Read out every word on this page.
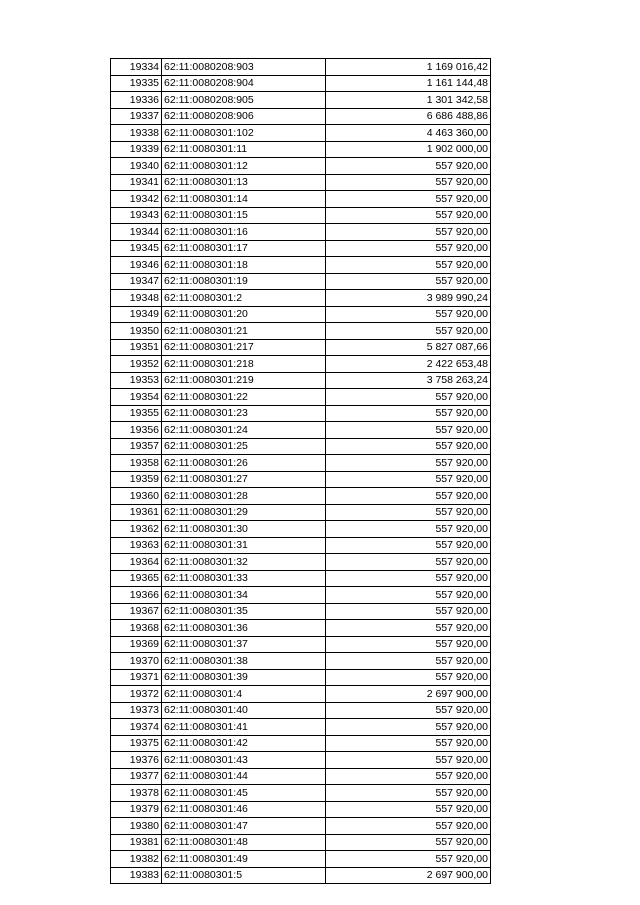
19334	62:11:0080208:903	1 169 016,42
19335	62:11:0080208:904	1 161 144,48
19336	62:11:0080208:905	1 301 342,58
19337	62:11:0080208:906	6 686 488,86
19338	62:11:0080301:102	4 463 360,00
19339	62:11:0080301:11	1 902 000,00
19340	62:11:0080301:12	557 920,00
19341	62:11:0080301:13	557 920,00
19342	62:11:0080301:14	557 920,00
19343	62:11:0080301:15	557 920,00
19344	62:11:0080301:16	557 920,00
19345	62:11:0080301:17	557 920,00
19346	62:11:0080301:18	557 920,00
19347	62:11:0080301:19	557 920,00
19348	62:11:0080301:2	3 989 990,24
19349	62:11:0080301:20	557 920,00
19350	62:11:0080301:21	557 920,00
19351	62:11:0080301:217	5 827 087,66
19352	62:11:0080301:218	2 422 653,48
19353	62:11:0080301:219	3 758 263,24
19354	62:11:0080301:22	557 920,00
19355	62:11:0080301:23	557 920,00
19356	62:11:0080301:24	557 920,00
19357	62:11:0080301:25	557 920,00
19358	62:11:0080301:26	557 920,00
19359	62:11:0080301:27	557 920,00
19360	62:11:0080301:28	557 920,00
19361	62:11:0080301:29	557 920,00
19362	62:11:0080301:30	557 920,00
19363	62:11:0080301:31	557 920,00
19364	62:11:0080301:32	557 920,00
19365	62:11:0080301:33	557 920,00
19366	62:11:0080301:34	557 920,00
19367	62:11:0080301:35	557 920,00
19368	62:11:0080301:36	557 920,00
19369	62:11:0080301:37	557 920,00
19370	62:11:0080301:38	557 920,00
19371	62:11:0080301:39	557 920,00
19372	62:11:0080301:4	2 697 900,00
19373	62:11:0080301:40	557 920,00
19374	62:11:0080301:41	557 920,00
19375	62:11:0080301:42	557 920,00
19376	62:11:0080301:43	557 920,00
19377	62:11:0080301:44	557 920,00
19378	62:11:0080301:45	557 920,00
19379	62:11:0080301:46	557 920,00
19380	62:11:0080301:47	557 920,00
19381	62:11:0080301:48	557 920,00
19382	62:11:0080301:49	557 920,00
19383	62:11:0080301:5	2 697 900,00
